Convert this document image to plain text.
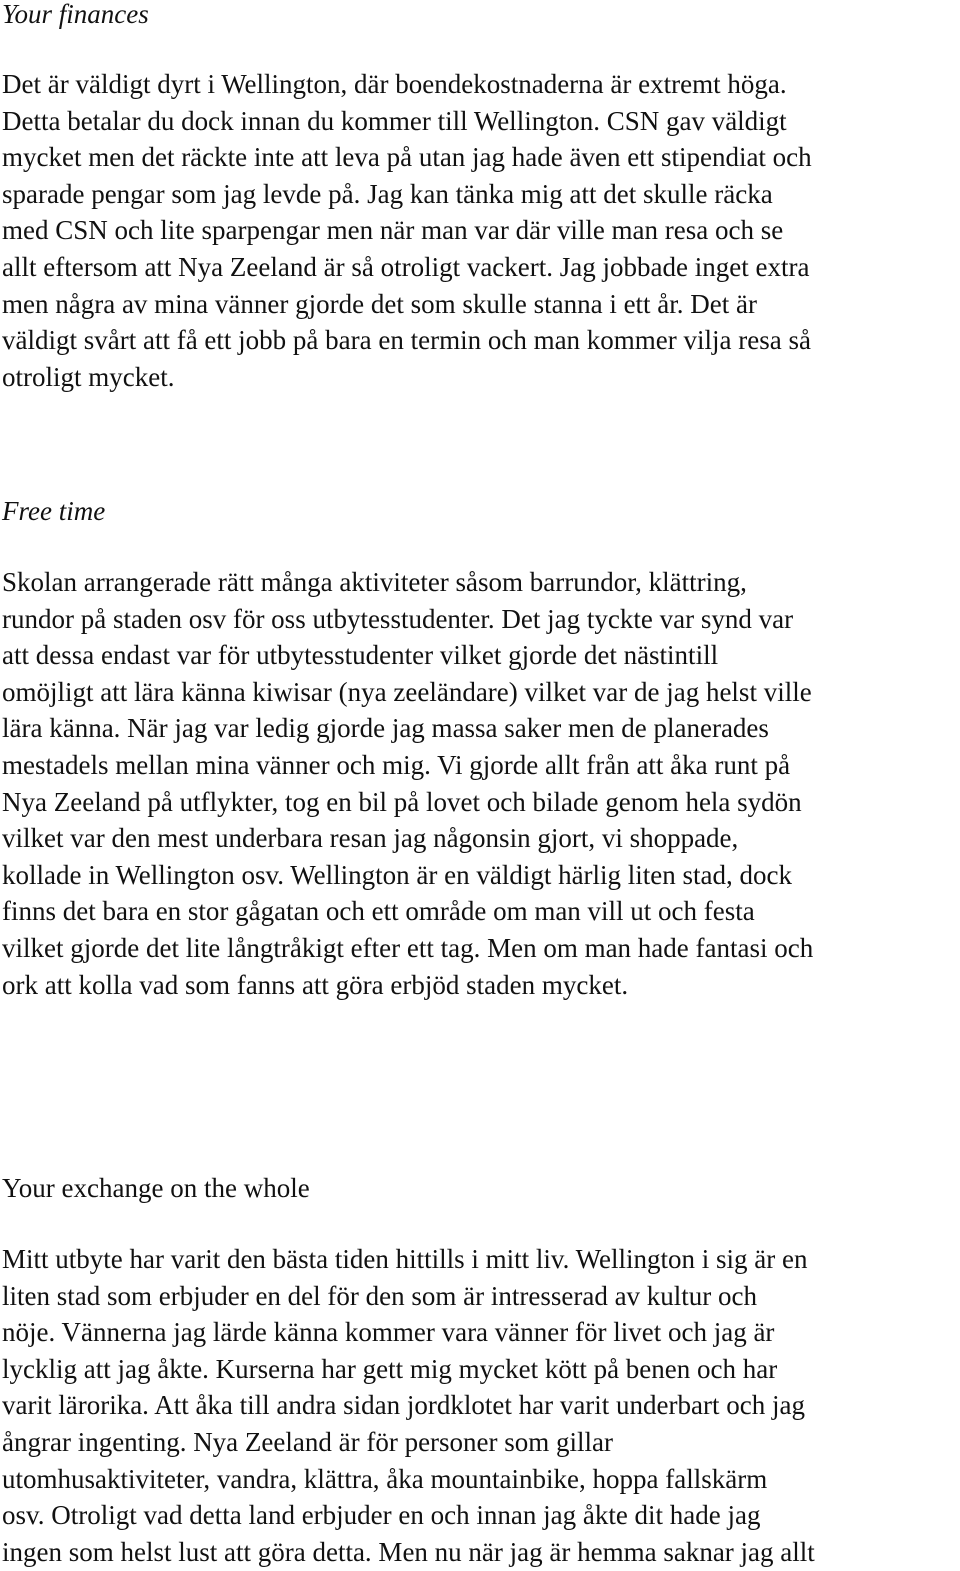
Your finances

Det är väldigt dyrt i Wellington, där boendekostnaderna är extremt höga.
Detta betalar du dock innan du kommer till Wellington. CSN gav väldigt
mycket men det räckte inte att leva på utan jag hade även ett stipendiat och
sparade pengar som jag levde på. Jag kan tänka mig att det skulle räcka
med CSN och lite sparpengar men när man var där ville man resa och se
allt eftersom att Nya Zeeland är så otroligt vackert. Jag jobbade inget extra
men några av mina vänner gjorde det som skulle stanna i ett år. Det är
väldigt svårt att få ett jobb på bara en termin och man kommer vilja resa så
otroligt mycket.

Free time

Skolan arrangerade rätt många aktiviteter såsom barrundor, klättring,
rundor på staden osv för oss utbytesstudenter. Det jag tyckte var synd var
att dessa endast var för utbytesstudenter vilket gjorde det nästintill
omöjligt att lära känna kiwisar (nya zeeländare) vilket var de jag helst ville
lära känna. När jag var ledig gjorde jag massa saker men de planerades
mestadels mellan mina vänner och mig. Vi gjorde allt från att åka runt på
Nya Zeeland på utflykter, tog en bil på lovet och bilade genom hela sydön
vilket var den mest underbara resan jag någonsin gjort, vi shoppade,
kollade in Wellington osv. Wellington är en väldigt härlig liten stad, dock
finns det bara en stor gågatan och ett område om man vill ut och festa
vilket gjorde det lite långtråkigt efter ett tag. Men om man hade fantasi och
ork att kolla vad som fanns att göra erbjöd staden mycket.

Your exchange on the whole

Mitt utbyte har varit den bästa tiden hittills i mitt liv. Wellington i sig är en
liten stad som erbjuder en del för den som är intresserad av kultur och
nöje. Vännerna jag lärde känna kommer vara vänner för livet och jag är
lycklig att jag åkte. Kurserna har gett mig mycket kött på benen och har
varit lärorika. Att åka till andra sidan jordklotet har varit underbart och jag
ångrar ingenting. Nya Zeeland är för personer som gillar
utomhusaktiviteter, vandra, klättra, åka mountainbike, hoppa fallskärm
osv. Otroligt vad detta land erbjuder en och innan jag åkte dit hade jag
ingen som helst lust att göra detta. Men nu när jag är hemma saknar jag allt
